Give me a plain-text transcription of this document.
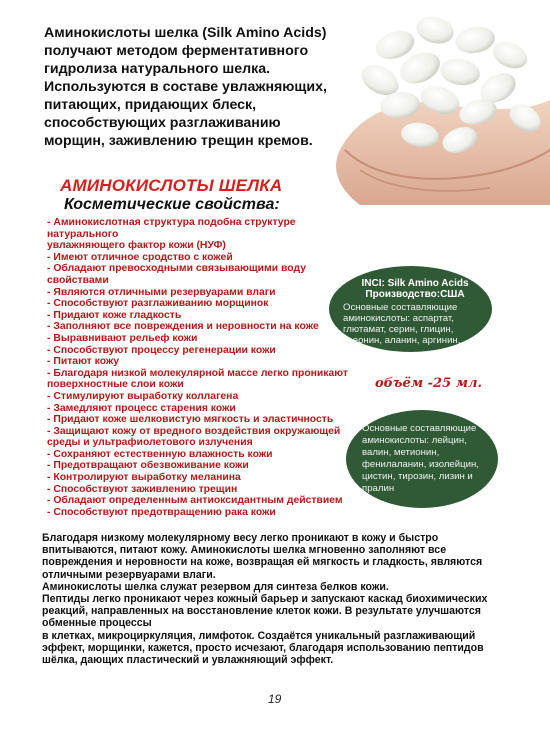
Аминокислоты шелка (Silk Amino Acids) получают методом ферментативного гидролиза натурального шелка. Используются в составе увлажняющих, питающих, придающих блеск, способствующих разглаживанию морщин, заживлению трещин кремов.
АМИНОКИСЛОТЫ ШЕЛКА
Косметические свойства:
- Аминокислотная структура подобна структуре натурального
увлажняющего фактор кожи (НУФ)
- Имеют отличное сродство с кожей
- Обладают превосходными связывающими воду свойствами
- Являются отличными резервуарами влаги
- Способствуют разглаживанию морщинок
- Придают коже гладкость
- Заполняют все повреждения и неровности на коже
- Выравнивают рельеф кожи
- Способствуют процессу регенерации кожи
- Питают кожу
- Благодаря низкой молекулярной массе легко проникают
поверхностные слои кожи
- Стимулируют выработку коллагена
- Замедляют процесс старения кожи
- Придают коже шелковистую мягкость и эластичность
- Защищают кожу от вредного воздействия окружающей
среды и ультрафиолетового излучения
- Сохраняют естественную влажность кожи
- Предотвращают обезвоживание кожи
- Контролируют выработку меланина
- Способствуют заживлению трещин
- Обладают определенным антиоксидантным действием
- Способствуют предотвращению рака кожи
INCI: Silk Amino Acids
Производство:США
Основные составляющие аминокислоты: аспартат, глютамат, серин, глицин, треонин, аланин, аргинин,
объём -25 мл.
Основные составляющие аминокислоты: лейцин, валин, метионин, фенилаланин, изолейцин, цистин, тирозин, лизин и пралин

Благодаря низкому молекулярному весу легко проникают в кожу и быстро впитываются, питают кожу. Аминокислоты шелка мгновенно заполняют все повреждения и неровности на коже, возвращая ей мягкость и гладкость, являются отличными резервуарами влаги.

Аминокислоты шелка служат резервом для синтеза белков кожи.

Пептиды легко проникают через кожный барьер и запускают каскад биохимических реакций, направленных на восстановление клеток кожи. В результате улучшаются обменные процессы

в клетках, микроциркуляция, лимфоток. Создаётся уникальный разглаживающий эффект, морщинки, кажется, просто исчезают, благодаря использованию пептидов шёлка, дающих пластический и увлажняющий эффект.

19
